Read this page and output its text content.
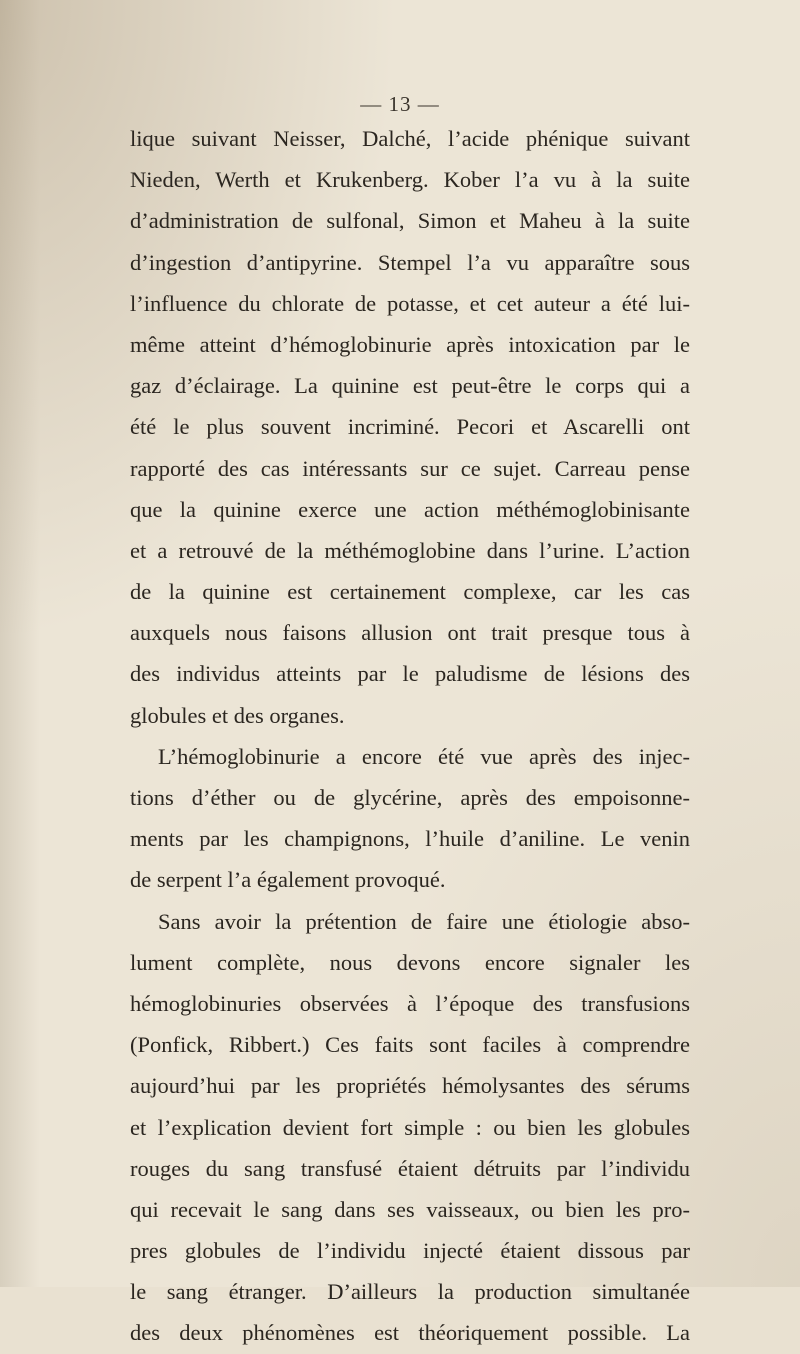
— 13 —
lique suivant Neisser, Dalché, l’acide phénique suivant
Nieden, Werth et Krukenberg. Kober l’a vu à la suite
d’administration de sulfonal, Simon et Maheu à la suite
d’ingestion d’antipyrine. Stempel l’a vu apparaître sous
l’influence du chlorate de potasse, et cet auteur a été lui-
même atteint d’hémoglobinurie après intoxication par le
gaz d’éclairage. La quinine est peut-être le corps qui a
été le plus souvent incriminé. Pecori et Ascarelli ont
rapporté des cas intéressants sur ce sujet. Carreau pense
que la quinine exerce une action méthémoglobinisante
et a retrouvé de la méthémoglobine dans l’urine. L’action
de la quinine est certainement complexe, car les cas
auxquels nous faisons allusion ont trait presque tous à
des individus atteints par le paludisme de lésions des
globules et des organes.
L’hémoglobinurie a encore été vue après des injec-
tions d’éther ou de glycérine, après des empoisonne-
ments par les champignons, l’huile d’aniline. Le venin
de serpent l’a également provoqué.
Sans avoir la prétention de faire une étiologie abso-
lument complète, nous devons encore signaler les
hémoglobinuries observées à l’époque des transfusions
(Ponfick, Ribbert.) Ces faits sont faciles à comprendre
aujourd’hui par les propriétés hémolysantes des sérums
et l’explication devient fort simple : ou bien les globules
rouges du sang transfusé étaient détruits par l’individu
qui recevait le sang dans ses vaisseaux, ou bien les pro-
pres globules de l’individu injecté étaient dissous par
le sang étranger. D’ailleurs la production simultanée
des deux phénomènes est théoriquement possible. La
